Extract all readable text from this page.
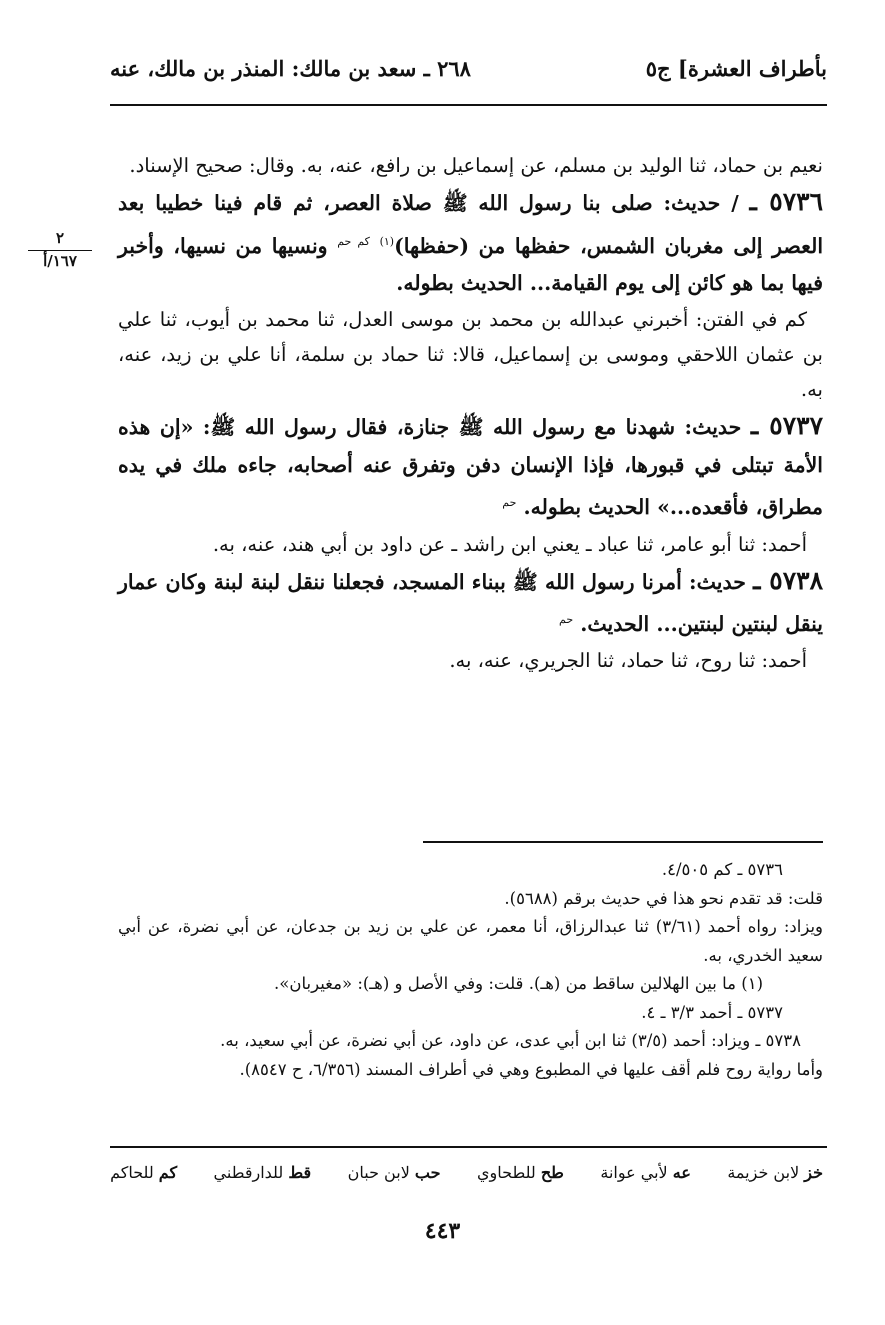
بأطراف العشرة] ج٥
٢٦٨ ـ سعد بن مالك: المنذر بن مالك، عنه
٢
١٦٧/أ

نعيم بن حماد، ثنا الوليد بن مسلم، عن إسماعيل بن رافع، عنه، به. وقال: صحيح الإسناد.

٥٧٣٦ ـ / حديث: صلى بنا رسول الله ﷺ صلاة العصر، ثم قام فينا خطيبا بعد العصر إلى مغربان الشمس، حفظها من (حفظها)$^{(١)}$ $^{كم حم}$ ونسيها من نسيها، وأخبر فيها بما هو كائن إلى يوم القيامة... الحديث بطوله.

كم في الفتن: أخبرني عبدالله بن محمد بن موسى العدل، ثنا محمد بن أيوب، ثنا علي بن عثمان اللاحقي وموسى بن إسماعيل، قالا: ثنا حماد بن سلمة، أنا علي بن زيد، عنه، به.

٥٧٣٧ ـ حديث: شهدنا مع رسول الله ﷺ جنازة، فقال رسول الله ﷺ: «إن هذه الأمة تبتلى في قبورها، فإذا الإنسان دفن وتفرق عنه أصحابه، جاءه ملك في يده مطراق، فأقعده...» الحديث بطوله. $^{حم}$

أحمد: ثنا أبو عامر، ثنا عباد ـ يعني ابن راشد ـ عن داود بن أبي هند، عنه، به.

٥٧٣٨ ـ حديث: أمرنا رسول الله ﷺ ببناء المسجد، فجعلنا ننقل لبنة لبنة وكان عمار ينقل لبنتين لبنتين... الحديث. $^{حم}$

أحمد: ثنا روح، ثنا حماد، ثنا الجريري، عنه، به.

٥٧٣٦ ـ كم ٤/٥٠٥.

قلت: قد تقدم نحو هذا في حديث برقم (٥٦٨٨).

ويزاد: رواه أحمد (٣/٦١) ثنا عبدالرزاق، أنا معمر، عن علي بن زيد بن جدعان، عن أبي نضرة، عن أبي سعيد الخدري، به.

(١) ما بين الهلالين ساقط من (هـ). قلت: وفي الأصل و (هـ): «مغيربان».

٥٧٣٧ ـ أحمد ٣/٣ ـ ٤.

٥٧٣٨ ـ ويزاد: أحمد (٣/٥) ثنا ابن أبي عدى، عن داود، عن أبي نضرة، عن أبي سعيد، به.

وأما رواية روح فلم أقف عليها في المطبوع وهي في أطراف المسند (٦/٣٥٦، ح ٨٥٤٧).

خز لابن خزيمة
عه لأبي عوانة
طح للطحاوي
حب لابن حبان
قط للدارقطني
كم للحاكم
٤٤٣
